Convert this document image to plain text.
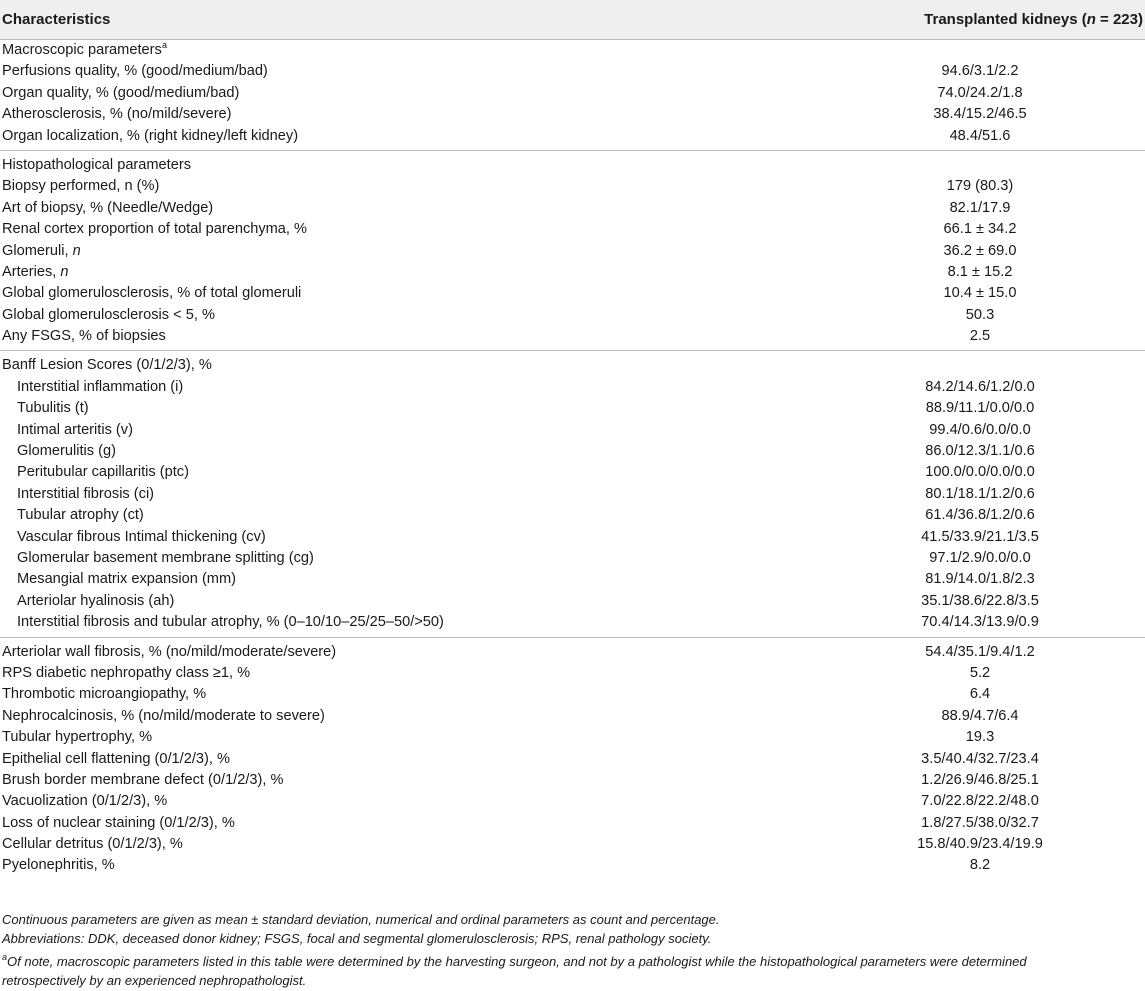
Characteristics	Transplanted kidneys (n = 223)
Macroscopic parameters a
Perfusions quality, % (good/medium/bad)	94.6/3.1/2.2
Organ quality, % (good/medium/bad)	74.0/24.2/1.8
Atherosclerosis, % (no/mild/severe)	38.4/15.2/46.5
Organ localization, % (right kidney/left kidney)	48.4/51.6
Histopathological parameters
Biopsy performed, n (%)	179 (80.3)
Art of biopsy, % (Needle/Wedge)	82.1/17.9
Renal cortex proportion of total parenchyma, %	66.1 ± 34.2
Glomeruli, n	36.2 ± 69.0
Arteries, n	8.1 ± 15.2
Global glomerulosclerosis, % of total glomeruli	10.4 ± 15.0
Global glomerulosclerosis < 5, %	50.3
Any FSGS, % of biopsies	2.5
Banff Lesion Scores (0/1/2/3), %
Interstitial inflammation (i)	84.2/14.6/1.2/0.0
Tubulitis (t)	88.9/11.1/0.0/0.0
Intimal arteritis (v)	99.4/0.6/0.0/0.0
Glomerulitis (g)	86.0/12.3/1.1/0.6
Peritubular capillaritis (ptc)	100.0/0.0/0.0/0.0
Interstitial fibrosis (ci)	80.1/18.1/1.2/0.6
Tubular atrophy (ct)	61.4/36.8/1.2/0.6
Vascular fibrous Intimal thickening (cv)	41.5/33.9/21.1/3.5
Glomerular basement membrane splitting (cg)	97.1/2.9/0.0/0.0
Mesangial matrix expansion (mm)	81.9/14.0/1.8/2.3
Arteriolar hyalinosis (ah)	35.1/38.6/22.8/3.5
Interstitial fibrosis and tubular atrophy, % (0–10/10–25/25–50/>50)	70.4/14.3/13.9/0.9
Arteriolar wall fibrosis, % (no/mild/moderate/severe)	54.4/35.1/9.4/1.2
RPS diabetic nephropathy class ≥1, %	5.2
Thrombotic microangiopathy, %	6.4
Nephrocalcinosis, % (no/mild/moderate to severe)	88.9/4.7/6.4
Tubular hypertrophy, %	19.3
Epithelial cell flattening (0/1/2/3), %	3.5/40.4/32.7/23.4
Brush border membrane defect (0/1/2/3), %	1.2/26.9/46.8/25.1
Vacuolization (0/1/2/3), %	7.0/22.8/22.2/48.0
Loss of nuclear staining (0/1/2/3), %	1.8/27.5/38.0/32.7
Cellular detritus (0/1/2/3), %	15.8/40.9/23.4/19.9
Pyelonephritis, %	8.2
Continuous parameters are given as mean ± standard deviation, numerical and ordinal parameters as count and percentage.
Abbreviations: DDK, deceased donor kidney; FSGS, focal and segmental glomerulosclerosis; RPS, renal pathology society.
$^a$Of note, macroscopic parameters listed in this table were determined by the harvesting surgeon, and not by a pathologist while the histopathological parameters were determined
retrospectively by an experienced nephropathologist.
